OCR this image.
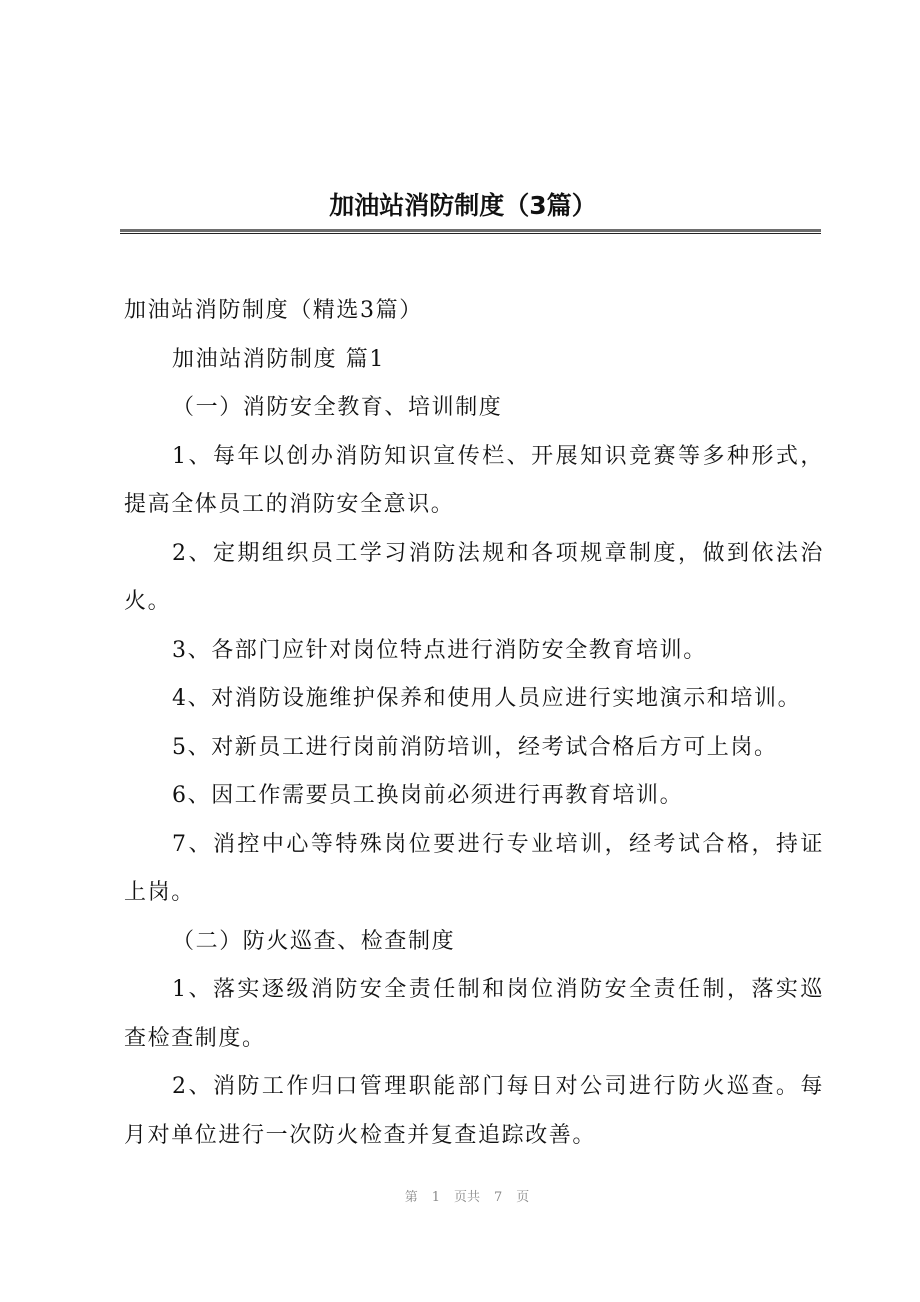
加油站消防制度（3篇）

加油站消防制度（精选3篇）

加油站消防制度 篇1

（一）消防安全教育、培训制度

1、每年以创办消防知识宣传栏、开展知识竞赛等多种形式，提高全体员工的消防安全意识。

2、定期组织员工学习消防法规和各项规章制度，做到依法治火。

3、各部门应针对岗位特点进行消防安全教育培训。

4、对消防设施维护保养和使用人员应进行实地演示和培训。

5、对新员工进行岗前消防培训，经考试合格后方可上岗。

6、因工作需要员工换岗前必须进行再教育培训。

7、消控中心等特殊岗位要进行专业培训，经考试合格，持证上岗。

（二）防火巡查、检查制度

1、落实逐级消防安全责任制和岗位消防安全责任制，落实巡查检查制度。

2、消防工作归口管理职能部门每日对公司进行防火巡查。每月对单位进行一次防火检查并复查追踪改善。

第 1 页共 7 页
